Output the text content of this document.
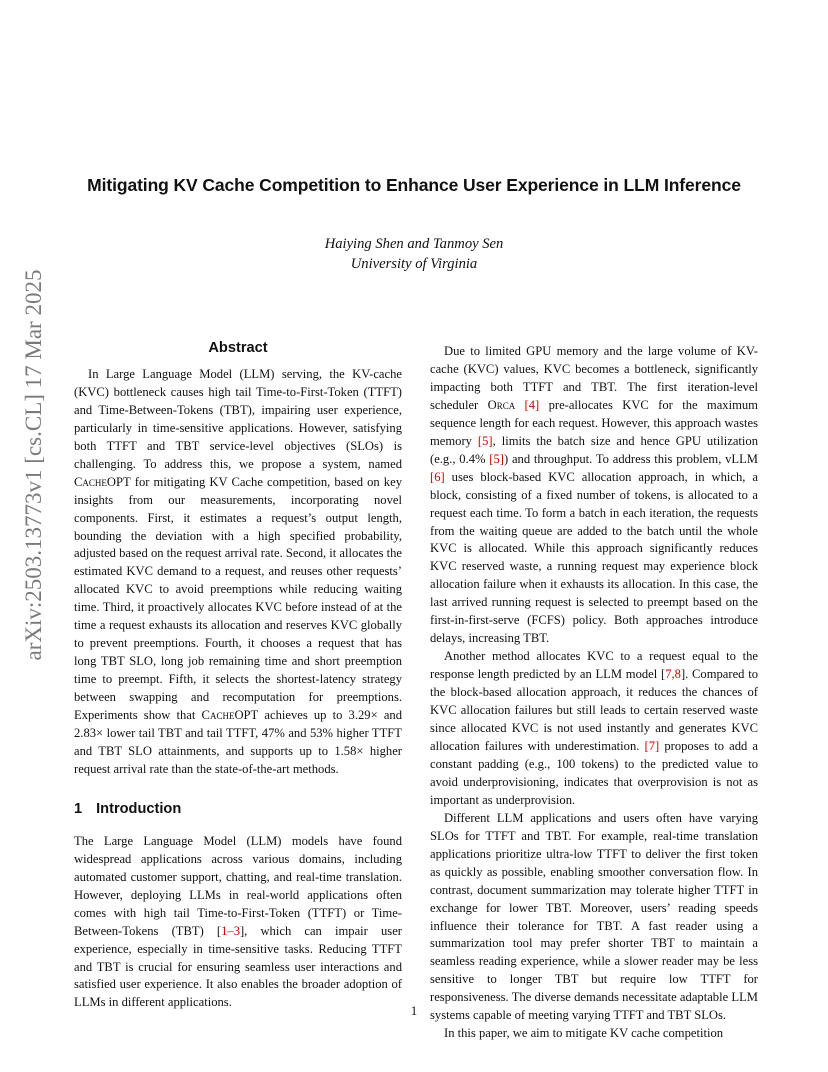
arXiv:2503.13773v1 [cs.CL] 17 Mar 2025
Mitigating KV Cache Competition to Enhance User Experience in LLM Inference
Haiying Shen and Tanmoy Sen
University of Virginia
Abstract

In Large Language Model (LLM) serving, the KV-cache (KVC) bottleneck causes high tail Time-to-First-Token (TTFT) and Time-Between-Tokens (TBT), impairing user experience, particularly in time-sensitive applications. However, satisfying both TTFT and TBT service-level objectives (SLOs) is challenging. To address this, we propose a system, named CacheOPT for mitigating KV Cache competition, based on key insights from our measurements, incorporating novel components. First, it estimates a request’s output length, bounding the deviation with a high specified probability, adjusted based on the request arrival rate. Second, it allocates the estimated KVC demand to a request, and reuses other requests’ allocated KVC to avoid preemptions while reducing waiting time. Third, it proactively allocates KVC before instead of at the time a request exhausts its allocation and reserves KVC globally to prevent preemptions. Fourth, it chooses a request that has long TBT SLO, long job remaining time and short preemption time to preempt. Fifth, it selects the shortest-latency strategy between swapping and recomputation for preemptions. Experiments show that CacheOPT achieves up to 3.29× and 2.83× lower tail TBT and tail TTFT, 47% and 53% higher TTFT and TBT SLO attainments, and supports up to 1.58× higher request arrival rate than the state-of-the-art methods.

1 Introduction

The Large Language Model (LLM) models have found widespread applications across various domains, including automated customer support, chatting, and real-time translation. However, deploying LLMs in real-world applications often comes with high tail Time-to-First-Token (TTFT) or Time-Between-Tokens (TBT) [1–3], which can impair user experience, especially in time-sensitive tasks. Reducing TTFT and TBT is crucial for ensuring seamless user interactions and satisfied user experience. It also enables the broader adoption of LLMs in different applications.

Due to limited GPU memory and the large volume of KV-cache (KVC) values, KVC becomes a bottleneck, significantly impacting both TTFT and TBT. The first iteration-level scheduler Orca [4] pre-allocates KVC for the maximum sequence length for each request. However, this approach wastes memory [5], limits the batch size and hence GPU utilization (e.g., 0.4% [5]) and throughput. To address this problem, vLLM [6] uses block-based KVC allocation approach, in which, a block, consisting of a fixed number of tokens, is allocated to a request each time. To form a batch in each iteration, the requests from the waiting queue are added to the batch until the whole KVC is allocated. While this approach significantly reduces KVC reserved waste, a running request may experience block allocation failure when it exhausts its allocation. In this case, the last arrived running request is selected to preempt based on the first-in-first-serve (FCFS) policy. Both approaches introduce delays, increasing TBT.

Another method allocates KVC to a request equal to the response length predicted by an LLM model [7,8]. Compared to the block-based allocation approach, it reduces the chances of KVC allocation failures but still leads to certain reserved waste since allocated KVC is not used instantly and generates KVC allocation failures with underestimation. [7] proposes to add a constant padding (e.g., 100 tokens) to the predicted value to avoid underprovisioning, indicates that overprovision is not as important as underprovision.

Different LLM applications and users often have varying SLOs for TTFT and TBT. For example, real-time translation applications prioritize ultra-low TTFT to deliver the first token as quickly as possible, enabling smoother conversation flow. In contrast, document summarization may tolerate higher TTFT in exchange for lower TBT. Moreover, users’ reading speeds influence their tolerance for TBT. A fast reader using a summarization tool may prefer shorter TBT to maintain a seamless reading experience, while a slower reader may be less sensitive to longer TBT but require low TTFT for responsiveness. The diverse demands necessitate adaptable LLM systems capable of meeting varying TTFT and TBT SLOs.

In this paper, we aim to mitigate KV cache competition

1
